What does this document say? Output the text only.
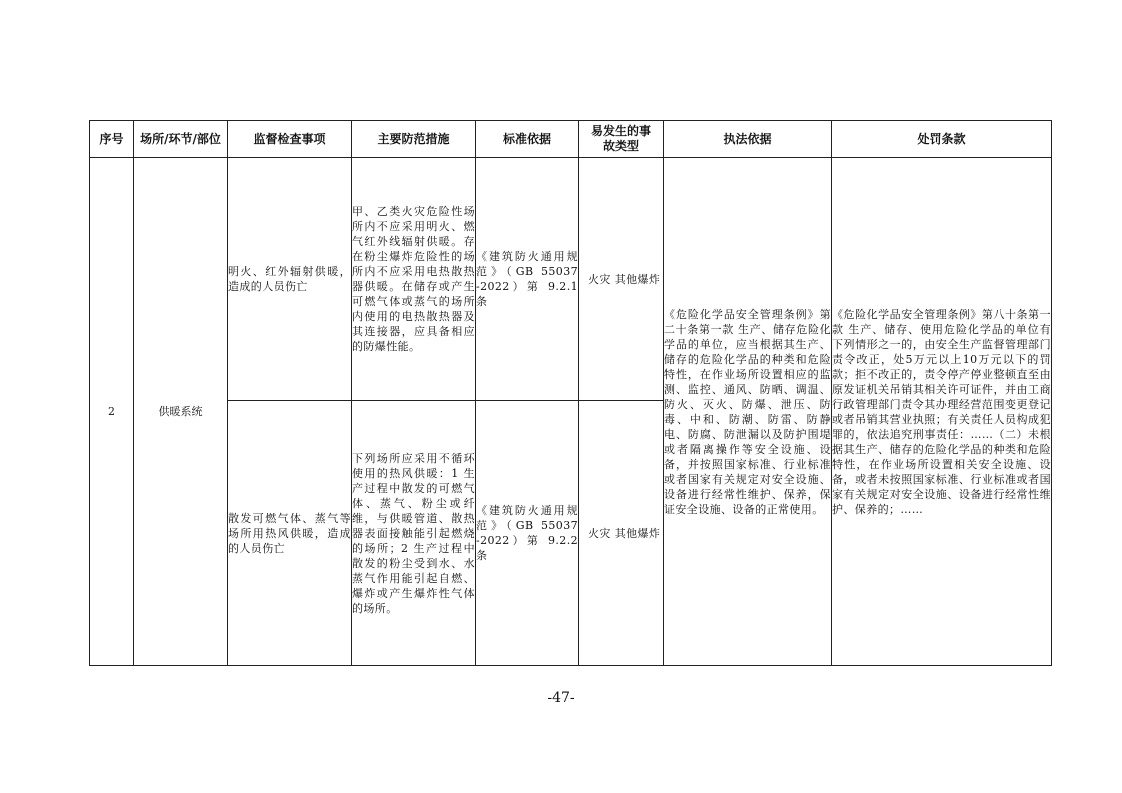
序号	场所/环节/部位	监督检查事项	主要防范措施	标准依据	易发生的事故类型	执法依据	处罚条款
2	供暖系统	明火、红外辐射供暖，造成的人员伤亡	甲、乙类火灾危险性场所内不应采用明火、燃气红外线辐射供暖。存在粉尘爆炸危险性的场所内不应采用电热散热器供暖。在储存或产生可燃气体或蒸气的场所内使用的电热散热器及其连接器，应具备相应的防爆性能。	《建筑防火通用规范》（GB 55037 -2022）第 9.2.1 条	火灾 其他爆炸	《危险化学品安全管理条例》第二十条第一款 生产、储存危险化学品的单位，应当根据其生产、储存的危险化学品的种类和危险特性，在作业场所设置相应的监测、监控、通风、防晒、调温、防火、灭火、防爆、泄压、防毒、中和、防潮、防雷、防静电、防腐、防泄漏以及防护围堤或者隔离操作等安全设施、设备，并按照国家标准、行业标准或者国家有关规定对安全设施、设备进行经常性维护、保养，保证安全设施、设备的正常使用。	《危险化学品安全管理条例》第八十条第一款 生产、储存、使用危险化学品的单位有下列情形之一的，由安全生产监督管理部门责令改正，处5万元以上10万元以下的罚款；拒不改正的，责令停产停业整顿直至由原发证机关吊销其相关许可证件，并由工商行政管理部门责令其办理经营范围变更登记或者吊销其营业执照；有关责任人员构成犯罪的，依法追究刑事责任：……（二）未根据其生产、储存的危险化学品的种类和危险特性，在作业场所设置相关安全设施、设备，或者未按照国家标准、行业标准或者国家有关规定对安全设施、设备进行经常性维护、保养的；……
		散发可燃气体、蒸气等场所用热风供暖，造成的人员伤亡	下列场所应采用不循环使用的热风供暖：1 生产过程中散发的可燃气体、蒸气、粉尘或纤维，与供暖管道、散热器表面接触能引起燃烧的场所；2 生产过程中散发的粉尘受到水、水蒸气作用能引起自燃、爆炸或产生爆炸性气体的场所。	《建筑防火通用规范》（GB 55037 -2022）第 9.2.2 条	火灾 其他爆炸		
-47-
